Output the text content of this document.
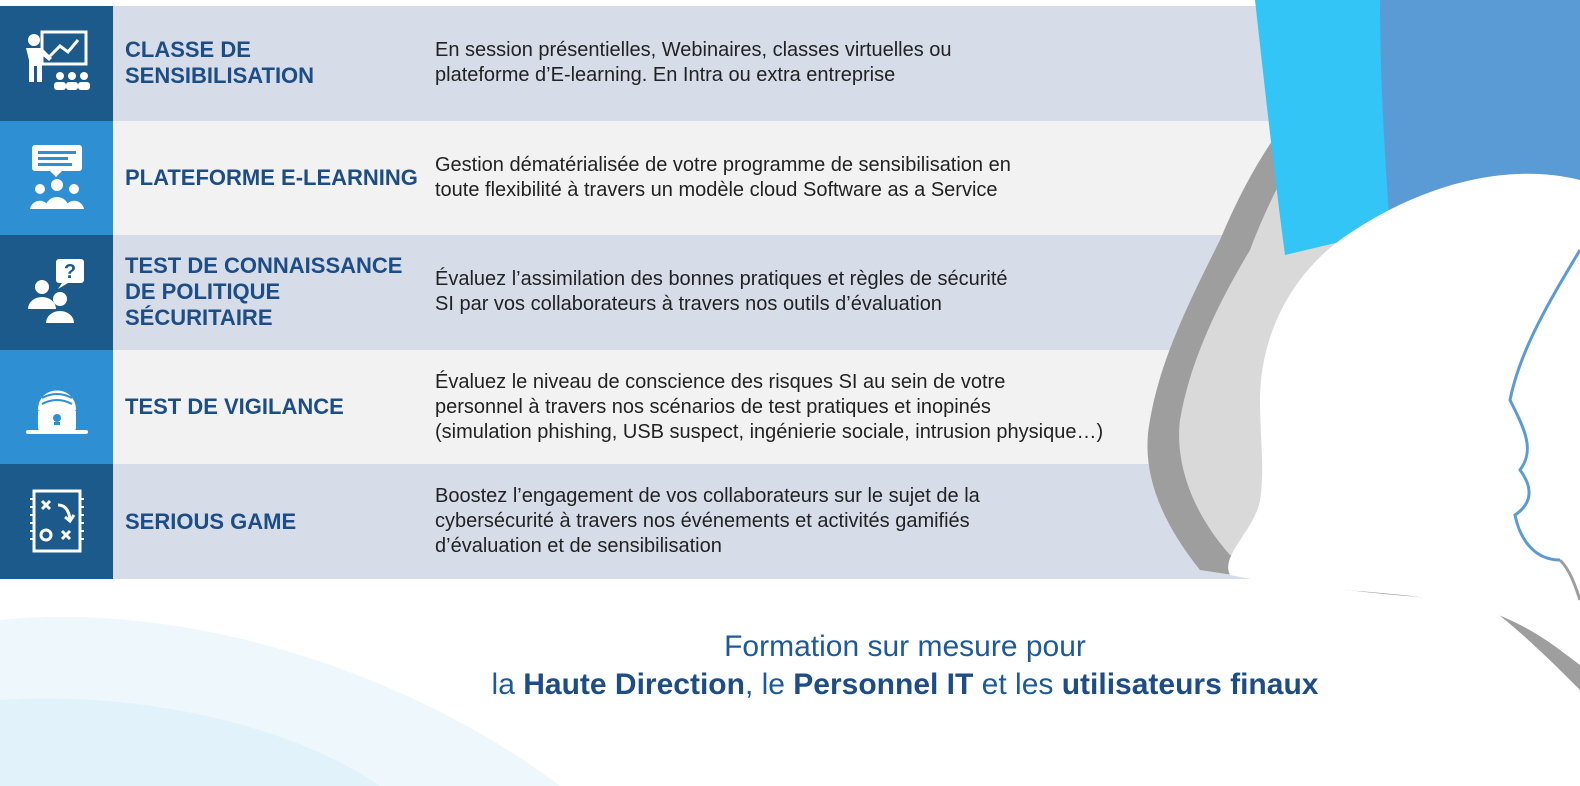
CLASSE DE
SENSIBILISATION
En session présentielles, Webinaires, classes virtuelles ou
plateforme d’E-learning. En Intra ou extra entreprise
PLATEFORME E-LEARNING Gestion dématérialisée de votre programme de sensibilisation en
toute flexibilité à travers un modèle cloud Software as a Service
? TEST DE CONNAISSANCE
DE POLITIQUE SÉCURITAIRE
Évaluez l’assimilation des bonnes pratiques et règles de sécurité
SI par vos collaborateurs à travers nos outils d’évaluation
TEST DE VIGILANCE
Évaluez le niveau de conscience des risques SI au sein de votre
personnel à travers nos scénarios de test pratiques et inopinés
(simulation phishing, USB suspect, ingénierie sociale, intrusion physique…)
SERIOUS GAME
Boostez l’engagement de vos collaborateurs sur le sujet de la
cybersécurité à travers nos événements et activités gamifiés
d’évaluation et de sensibilisation
Formation sur mesure pour
la Haute Direction, le Personnel IT et les utilisateurs finaux
